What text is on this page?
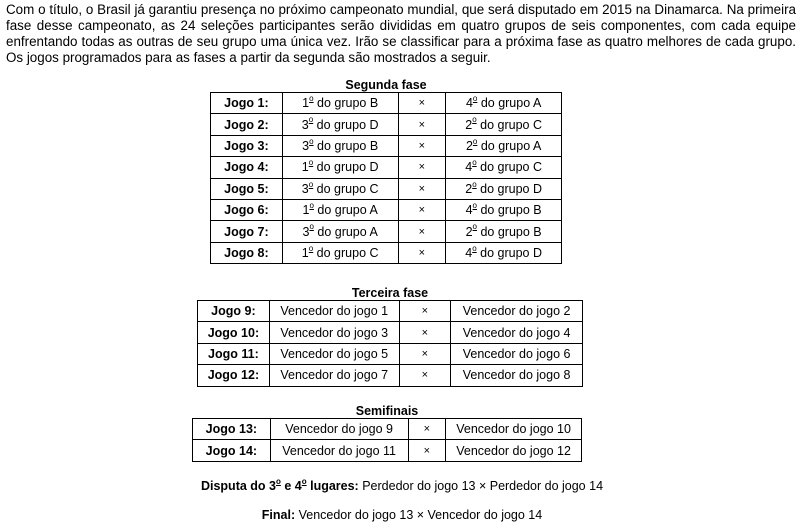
Com o título, o Brasil já garantiu presença no próximo campeonato mundial, que será disputado em 2015 na Dinamarca. Na primeira fase desse campeonato, as 24 seleções participantes serão divididas em quatro grupos de seis componentes, com cada equipe enfrentando todas as outras de seu grupo uma única vez. Irão se classificar para a próxima fase as quatro melhores de cada grupo. Os jogos programados para as fases a partir da segunda são mostrados a seguir.

Segunda fase
Jogo 1:	1$^o$ do grupo B	×	$4^o$ do grupo A
Jogo 2:	3$^o$ do grupo D	×	$2^o$ do grupo C
Jogo 3:	3$^o$ do grupo B	×	$2^o$ do grupo A
Jogo 4:	1$^o$ do grupo D	×	$4^o$ do grupo C
Jogo 5:	3$^o$ do grupo C	×	$2^o$ do grupo D
Jogo 6:	1$^o$ do grupo A	×	$4^o$ do grupo B
Jogo 7:	3$^o$ do grupo A	×	$2^o$ do grupo B
Jogo 8:	1$^o$ do grupo C	×	$4^o$ do grupo D
Terceira fase
Jogo 9:	Vencedor do jogo 1	×	Vencedor do jogo 2
Jogo 10:	Vencedor do jogo 3	×	Vencedor do jogo 4
Jogo 11:	Vencedor do jogo 5	×	Vencedor do jogo 6
Jogo 12:	Vencedor do jogo 7	×	Vencedor do jogo 8
Semifinais
Jogo 13:	Vencedor do jogo 9	×	Vencedor do jogo 10
Jogo 14:	Vencedor do jogo 11	×	Vencedor do jogo 12
Disputa do 3$^o$ e 4$^o$ lugares: Perdedor do jogo 13 × Perdedor do jogo 14
Final: Vencedor do jogo 13 × Vencedor do jogo 14
